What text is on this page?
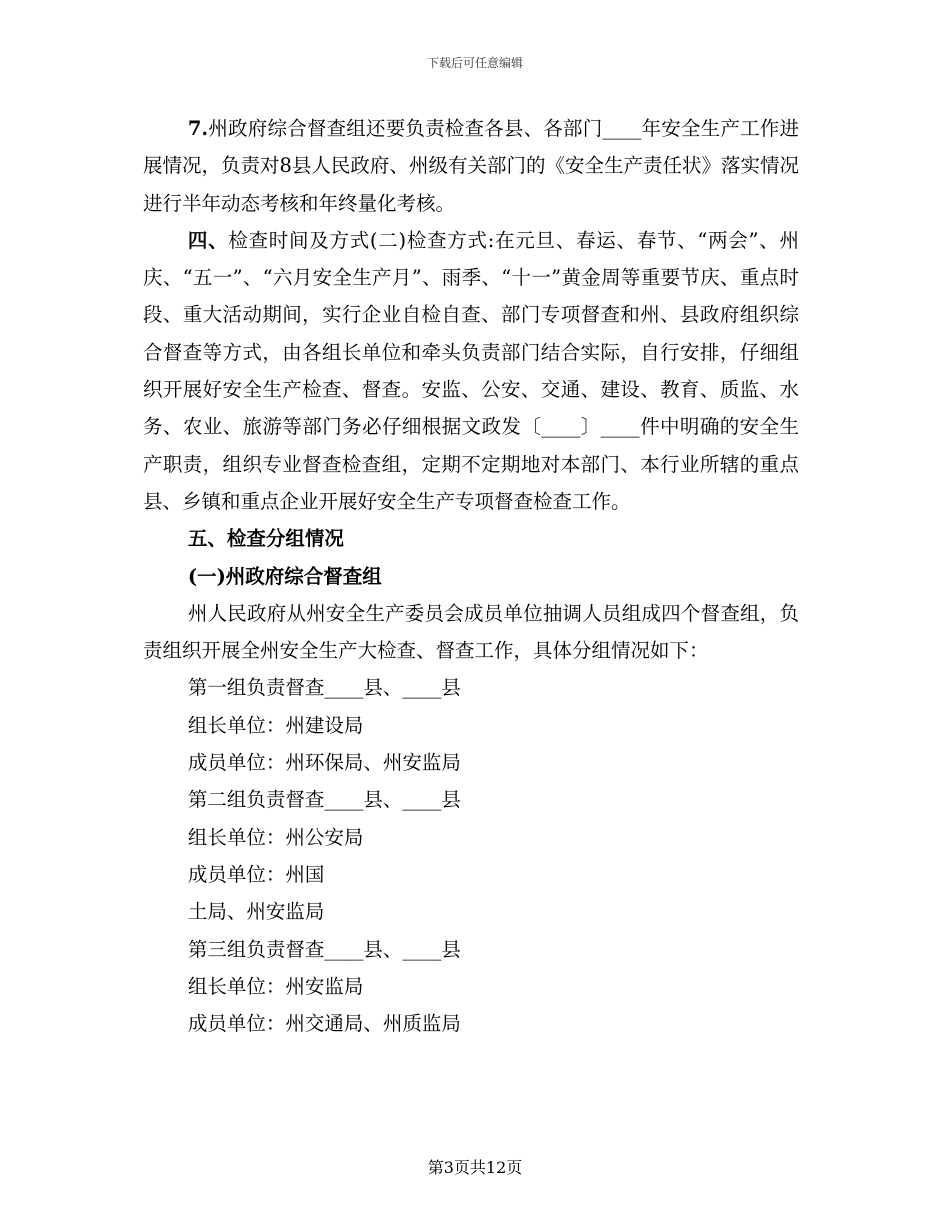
下载后可任意编辑

7.州政府综合督查组还要负责检查各县、各部门____年安全生产工作进展情况，负责对8县人民政府、州级有关部门的《安全生产责任状》落实情况进行半年动态考核和年终量化考核。

四、检查时间及方式(二)检查方式:在元旦、春运、春节、“两会”、州庆、“五一”、“六月安全生产月”、雨季、“十一”黄金周等重要节庆、重点时段、重大活动期间，实行企业自检自查、部门专项督查和州、县政府组织综合督查等方式，由各组长单位和牵头负责部门结合实际，自行安排，仔细组织开展好安全生产检查、督查。安监、公安、交通、建设、教育、质监、水务、农业、旅游等部门务必仔细根据文政发〔____〕____件中明确的安全生产职责，组织专业督查检查组，定期不定期地对本部门、本行业所辖的重点县、乡镇和重点企业开展好安全生产专项督查检查工作。

五、检查分组情况

(一)州政府综合督查组

州人民政府从州安全生产委员会成员单位抽调人员组成四个督查组，负责组织开展全州安全生产大检查、督查工作，具体分组情况如下：

第一组负责督查____县、____县

组长单位：州建设局

成员单位：州环保局、州安监局

第二组负责督查____县、____县

组长单位：州公安局

成员单位：州国

土局、州安监局

第三组负责督查____县、____县

组长单位：州安监局

成员单位：州交通局、州质监局

第3页共12页
